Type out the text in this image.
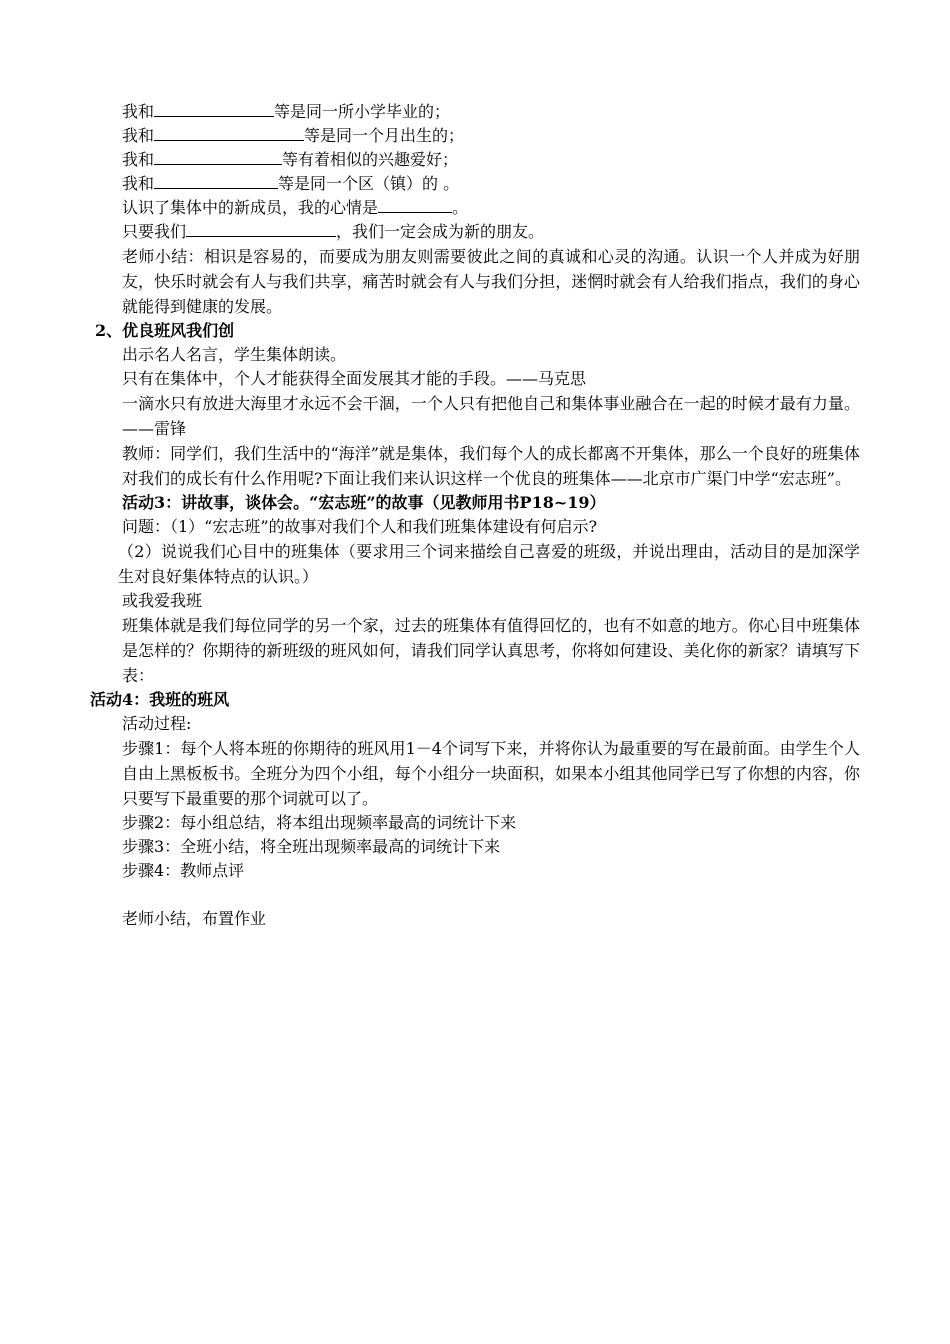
我和	等是同一所小学毕业的；
我和	等是同一个月出生的；
我和	等有着相似的兴趣爱好；
我和	等是同一个区（镇）的 。
认识了集体中的新成员，我的心情是	。
只要我们	，我们一定会成为新的朋友。
老师小结：相识是容易的，而要成为朋友则需要彼此之间的真诚和心灵的沟通。认识一个人并成为好朋友，快乐时就会有人与我们共享，痛苦时就会有人与我们分担，迷惘时就会有人给我们指点，我们的身心就能得到健康的发展。
2、优良班风我们创
出示名人名言，学生集体朗读。
只有在集体中，个人才能获得全面发展其才能的手段。——马克思
一滴水只有放进大海里才永远不会干涸，一个人只有把他自己和集体事业融合在一起的时候才最有力量。——雷锋
教师：同学们，我们生活中的“海洋”就是集体，我们每个人的成长都离不开集体，那么一个良好的班集体对我们的成长有什么作用呢?下面让我们来认识这样一个优良的班集体——北京市广渠门中学“宏志班”。
活动3：讲故事，谈体会。“宏志班”的故事（见教师用书P18~19）
问题：（1）“宏志班”的故事对我们个人和我们班集体建设有何启示?
（2）说说我们心目中的班集体（要求用三个词来描绘自己喜爱的班级，并说出理由，活动目的是加深学生对良好集体特点的认识。）
或我爱我班
班集体就是我们每位同学的另一个家，过去的班集体有值得回忆的，也有不如意的地方。你心目中班集体是怎样的？你期待的新班级的班风如何，请我们同学认真思考，你将如何建设、美化你的新家？请填写下表：
活动4：我班的班风
活动过程:
步骤1：每个人将本班的你期待的班风用1－4个词写下来，并将你认为最重要的写在最前面。由学生个人自由上黑板板书。全班分为四个小组，每个小组分一块面积，如果本小组其他同学已写了你想的内容，你只要写下最重要的那个词就可以了。
步骤2：每小组总结，将本组出现频率最高的词统计下来
步骤3：全班小结，将全班出现频率最高的词统计下来
步骤4：教师点评
老师小结，布置作业
